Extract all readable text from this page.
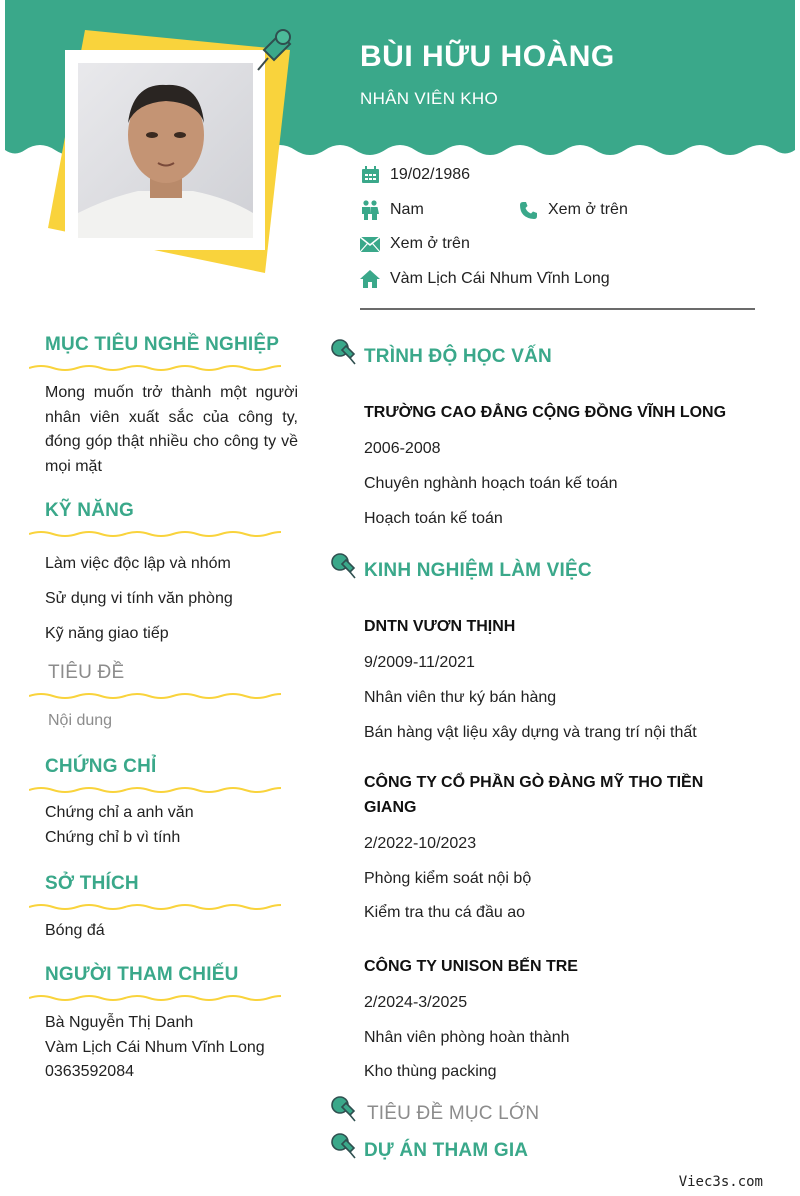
BÙI HỮU HOÀNG
NHÂN VIÊN KHO
19/02/1986
Nam	Xem ở trên
Xem ở trên
Vàm Lịch Cái Nhum Vĩnh Long
MỤC TIÊU NGHỀ NGHIỆP
Mong muốn trở thành một người nhân viên xuất sắc của công ty, đóng góp thật nhiều cho công ty về mọi mặt
KỸ NĂNG
Làm việc độc lập và nhóm
Sử dụng vi tính văn phòng
Kỹ năng giao tiếp
TIÊU ĐỀ
Nội dung
CHỨNG CHỈ
Chứng chỉ a anh văn
Chứng chỉ b vì tính
SỞ THÍCH
Bóng đá
NGƯỜI THAM CHIẾU
Bà Nguyễn Thị Danh
Vàm Lịch Cái Nhum Vĩnh Long
0363592084
TRÌNH ĐỘ HỌC VẤN
TRƯỜNG CAO ĐẲNG CỘNG ĐỒNG VĨNH LONG
2006-2008
Chuyên nghành hoạch toán kế toán
Hoạch toán kế toán
KINH NGHIỆM LÀM VIỆC
DNTN VƯƠN THỊNH
9/2009-11/2021
Nhân viên thư ký bán hàng
Bán hàng vật liệu xây dựng và trang trí nội thất
CÔNG TY CỔ PHẦN GÒ ĐÀNG MỸ THO TIỀN GIANG
2/2022-10/2023
Phòng kiểm soát nội bộ
Kiểm tra thu cá đầu ao
CÔNG TY UNISON BẾN TRE
2/2024-3/2025
Nhân viên phòng hoàn thành
Kho thùng packing
TIÊU ĐỀ MỤC LỚN
DỰ ÁN THAM GIA
Viec3s.com
